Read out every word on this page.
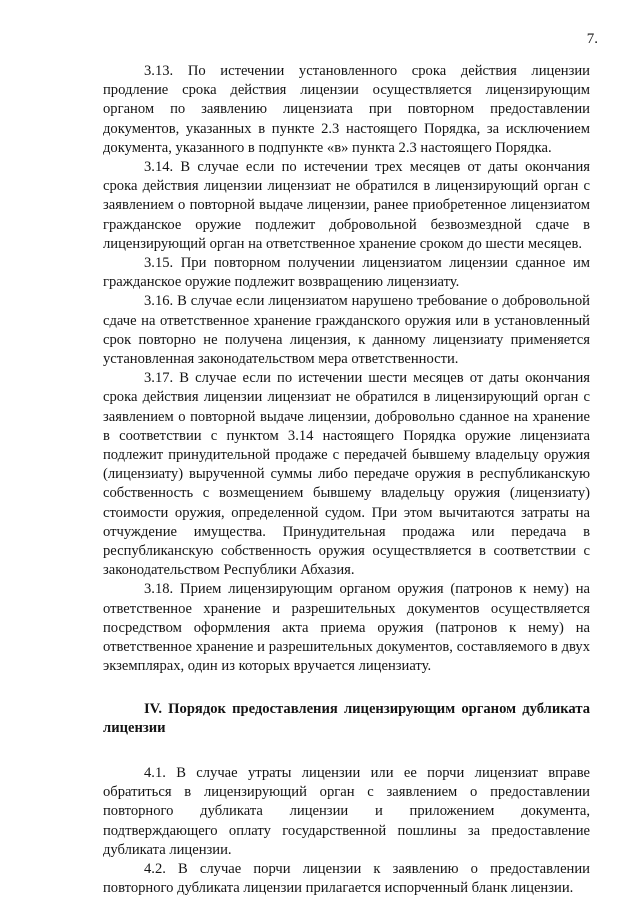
7.

3.13. По истечении установленного срока действия лицензии продление срока действия лицензии осуществляется лицензирующим органом по заявлению лицензиата при повторном предоставлении документов, указанных в пункте 2.3 настоящего Порядка, за исключением документа, указанного в подпункте «в» пункта 2.3 настоящего Порядка.

3.14. В случае если по истечении трех месяцев от даты окончания срока действия лицензии лицензиат не обратился в лицензирующий орган с заявлением о повторной выдаче лицензии, ранее приобретенное лицензиатом гражданское оружие подлежит добровольной безвозмездной сдаче в лицензирующий орган на ответственное хранение сроком до шести месяцев.

3.15. При повторном получении лицензиатом лицензии сданное им гражданское оружие подлежит возвращению лицензиату.

3.16. В случае если лицензиатом нарушено требование о добровольной сдаче на ответственное хранение гражданского оружия или в установленный срок повторно не получена лицензия, к данному лицензиату применяется установленная законодательством мера ответственности.

3.17. В случае если по истечении шести месяцев от даты окончания срока действия лицензии лицензиат не обратился в лицензирующий орган с заявлением о повторной выдаче лицензии, добровольно сданное на хранение в соответствии с пунктом 3.14 настоящего Порядка оружие лицензиата подлежит принудительной продаже с передачей бывшему владельцу оружия (лицензиату) вырученной суммы либо передаче оружия в республиканскую собственность с возмещением бывшему владельцу оружия (лицензиату) стоимости оружия, определенной судом. При этом вычитаются затраты на отчуждение имущества. Принудительная продажа или передача в республиканскую собственность оружия осуществляется в соответствии с законодательством Республики Абхазия.

3.18. Прием лицензирующим органом оружия (патронов к нему) на ответственное хранение и разрешительных документов осуществляется посредством оформления акта приема оружия (патронов к нему) на ответственное хранение и разрешительных документов, составляемого в двух экземплярах, один из которых вручается лицензиату.

IV. Порядок предоставления лицензирующим органом дубликата лицензии

4.1. В случае утраты лицензии или ее порчи лицензиат вправе обратиться в лицензирующий орган с заявлением о предоставлении повторного дубликата лицензии и приложением документа, подтверждающего оплату государственной пошлины за предоставление дубликата лицензии.

4.2. В случае порчи лицензии к заявлению о предоставлении повторного дубликата лицензии прилагается испорченный бланк лицензии.
